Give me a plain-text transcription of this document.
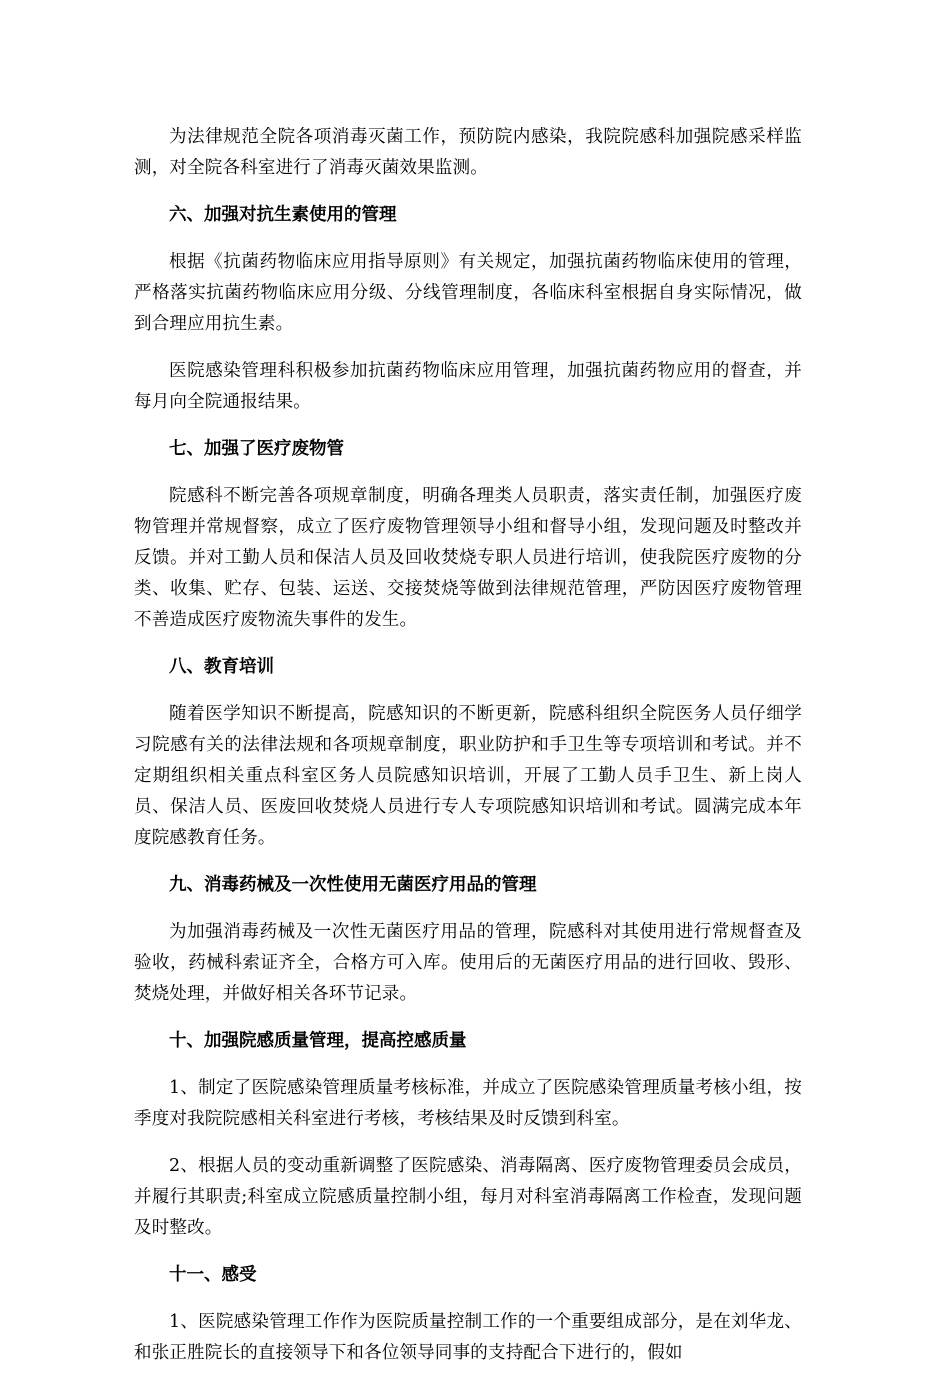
为法律规范全院各项消毒灭菌工作，预防院内感染，我院院感科加强院感采样监测，对全院各科室进行了消毒灭菌效果监测。

六、加强对抗生素使用的管理

根据《抗菌药物临床应用指导原则》有关规定，加强抗菌药物临床使用的管理，严格落实抗菌药物临床应用分级、分线管理制度，各临床科室根据自身实际情况，做到合理应用抗生素。

医院感染管理科积极参加抗菌药物临床应用管理，加强抗菌药物应用的督查，并每月向全院通报结果。

七、加强了医疗废物管

院感科不断完善各项规章制度，明确各理类人员职责，落实责任制，加强医疗废物管理并常规督察，成立了医疗废物管理领导小组和督导小组，发现问题及时整改并反馈。并对工勤人员和保洁人员及回收焚烧专职人员进行培训，使我院医疗废物的分类、收集、贮存、包装、运送、交接焚烧等做到法律规范管理，严防因医疗废物管理不善造成医疗废物流失事件的发生。

八、教育培训

随着医学知识不断提高，院感知识的不断更新，院感科组织全院医务人员仔细学习院感有关的法律法规和各项规章制度，职业防护和手卫生等专项培训和考试。并不定期组织相关重点科室区务人员院感知识培训，开展了工勤人员手卫生、新上岗人员、保洁人员、医废回收焚烧人员进行专人专项院感知识培训和考试。圆满完成本年度院感教育任务。

九、消毒药械及一次性使用无菌医疗用品的管理

为加强消毒药械及一次性无菌医疗用品的管理，院感科对其使用进行常规督查及验收，药械科索证齐全，合格方可入库。使用后的无菌医疗用品的进行回收、毁形、焚烧处理，并做好相关各环节记录。

十、加强院感质量管理，提高控感质量

1、制定了医院感染管理质量考核标准，并成立了医院感染管理质量考核小组，按季度对我院院感相关科室进行考核，考核结果及时反馈到科室。

2、根据人员的变动重新调整了医院感染、消毒隔离、医疗废物管理委员会成员，并履行其职责;科室成立院感质量控制小组，每月对科室消毒隔离工作检查，发现问题及时整改。

十一、感受

1、医院感染管理工作作为医院质量控制工作的一个重要组成部分，是在刘华龙、和张正胜院长的直接领导下和各位领导同事的支持配合下进行的，假如
